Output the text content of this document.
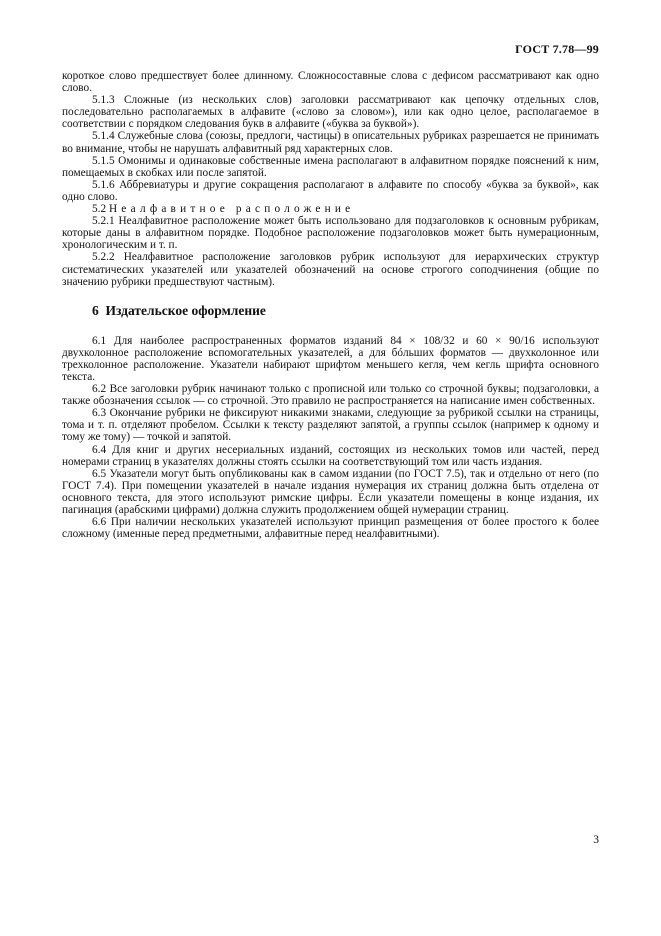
ГОСТ 7.78—99

короткое слово предшествует более длинному. Сложносоставные слова с дефисом рассматривают как одно слово.

5.1.3 Сложные (из нескольких слов) заголовки рассматривают как цепочку отдельных слов, последовательно располагаемых в алфавите («слово за словом»), или как одно целое, располагаемое в соответствии с порядком следования букв в алфавите («буква за буквой»).

5.1.4 Служебные слова (союзы, предлоги, частицы) в описательных рубриках разрешается не принимать во внимание, чтобы не нарушать алфавитный ряд характерных слов.

5.1.5 Омонимы и одинаковые собственные имена располагают в алфавитном порядке пояснений к ним, помещаемых в скобках или после запятой.

5.1.6 Аббревиатуры и другие сокращения располагают в алфавите по способу «буква за буквой», как одно слово.

5.2 Неалфавитное расположение

5.2.1 Неалфавитное расположение может быть использовано для подзаголовков к основным рубрикам, которые даны в алфавитном порядке. Подобное расположение подзаголовков может быть нумерационным, хронологическим и т. п.

5.2.2 Неалфавитное расположение заголовков рубрик используют для иерархических структур систематических указателей или указателей обозначений на основе строгого соподчинения (общие по значению рубрики предшествуют частным).

6 Издательское оформление

6.1 Для наиболее распространенных форматов изданий 84 × 108/32 и 60 × 90/16 используют двухколонное расположение вспомогательных указателей, а для бóльших форматов — двухколонное или трехколонное расположение. Указатели набирают шрифтом меньшего кегля, чем кегль шрифта основного текста.

6.2 Все заголовки рубрик начинают только с прописной или только со строчной буквы; подзаголовки, а также обозначения ссылок — со строчной. Это правило не распространяется на написание имен собственных.

6.3 Окончание рубрики не фиксируют никакими знаками, следующие за рубрикой ссылки на страницы, тома и т. п. отделяют пробелом. Ссылки к тексту разделяют запятой, а группы ссылок (например к одному и тому же тому) — точкой и запятой.

6.4 Для книг и других несериальных изданий, состоящих из нескольких томов или частей, перед номерами страниц в указателях должны стоять ссылки на соответствующий том или часть издания.

6.5 Указатели могут быть опубликованы как в самом издании (по ГОСТ 7.5), так и отдельно от него (по ГОСТ 7.4). При помещении указателей в начале издания нумерация их страниц должна быть отделена от основного текста, для этого используют римские цифры. Если указатели помещены в конце издания, их пагинация (арабскими цифрами) должна служить продолжением общей нумерации страниц.

6.6 При наличии нескольких указателей используют принцип размещения от более простого к более сложному (именные перед предметными, алфавитные перед неалфавитными).

3
